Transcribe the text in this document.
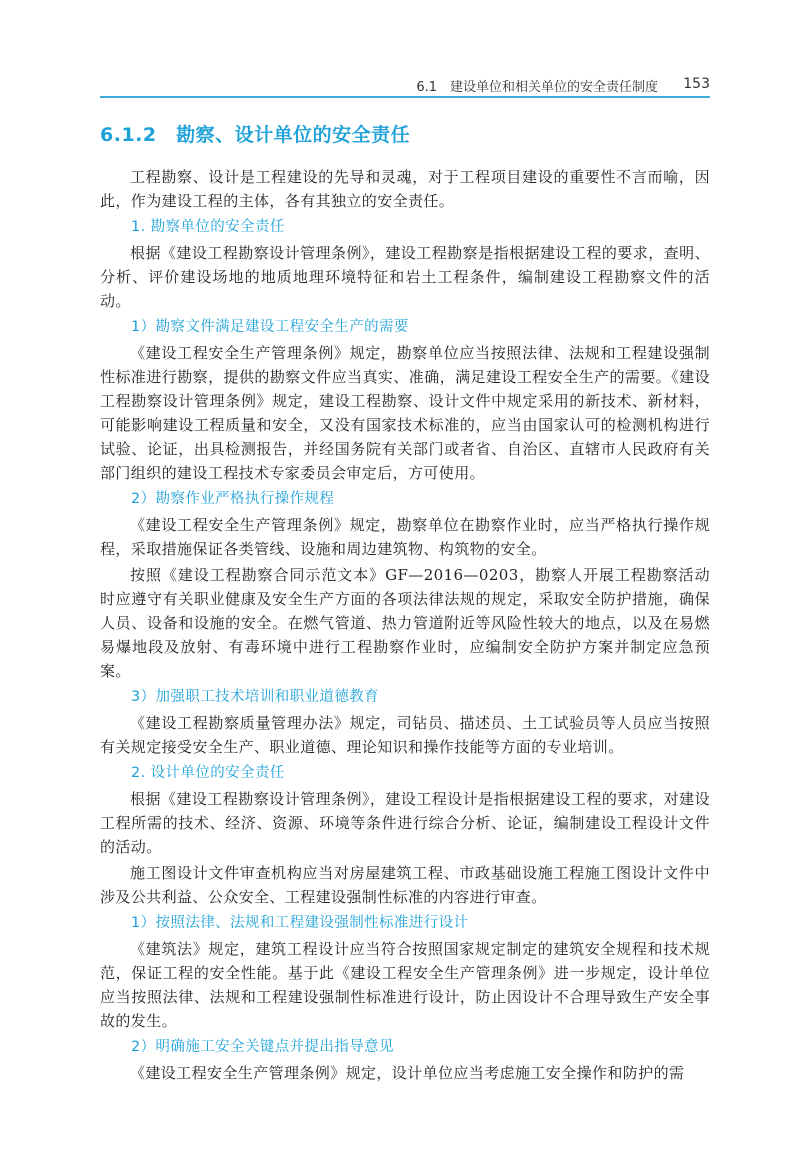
6.1　建设单位和相关单位的安全责任制度 153
6.1.2　勘察、设计单位的安全责任

工程勘察、设计是工程建设的先导和灵魂，对于工程项目建设的重要性不言而喻，因此，作为建设工程的主体，各有其独立的安全责任。

1. 勘察单位的安全责任

根据《建设工程勘察设计管理条例》，建设工程勘察是指根据建设工程的要求，查明、分析、评价建设场地的地质地理环境特征和岩土工程条件，编制建设工程勘察文件的活动。

1）勘察文件满足建设工程安全生产的需要

《建设工程安全生产管理条例》规定，勘察单位应当按照法律、法规和工程建设强制性标准进行勘察，提供的勘察文件应当真实、准确，满足建设工程安全生产的需要。《建设工程勘察设计管理条例》规定，建设工程勘察、设计文件中规定采用的新技术、新材料，可能影响建设工程质量和安全，又没有国家技术标准的，应当由国家认可的检测机构进行试验、论证，出具检测报告，并经国务院有关部门或者省、自治区、直辖市人民政府有关部门组织的建设工程技术专家委员会审定后，方可使用。

2）勘察作业严格执行操作规程

《建设工程安全生产管理条例》规定，勘察单位在勘察作业时，应当严格执行操作规程，采取措施保证各类管线、设施和周边建筑物、构筑物的安全。

按照《建设工程勘察合同示范文本》GF—2016—0203，勘察人开展工程勘察活动时应遵守有关职业健康及安全生产方面的各项法律法规的规定，采取安全防护措施，确保人员、设备和设施的安全。在燃气管道、热力管道附近等风险性较大的地点，以及在易燃易爆地段及放射、有毒环境中进行工程勘察作业时，应编制安全防护方案并制定应急预案。

3）加强职工技术培训和职业道德教育

《建设工程勘察质量管理办法》规定，司钻员、描述员、土工试验员等人员应当按照有关规定接受安全生产、职业道德、理论知识和操作技能等方面的专业培训。

2. 设计单位的安全责任

根据《建设工程勘察设计管理条例》，建设工程设计是指根据建设工程的要求，对建设工程所需的技术、经济、资源、环境等条件进行综合分析、论证，编制建设工程设计文件的活动。

施工图设计文件审查机构应当对房屋建筑工程、市政基础设施工程施工图设计文件中涉及公共利益、公众安全、工程建设强制性标准的内容进行审查。

1）按照法律、法规和工程建设强制性标准进行设计

《建筑法》规定，建筑工程设计应当符合按照国家规定制定的建筑安全规程和技术规范，保证工程的安全性能。基于此《建设工程安全生产管理条例》进一步规定，设计单位应当按照法律、法规和工程建设强制性标准进行设计，防止因设计不合理导致生产安全事故的发生。

2）明确施工安全关键点并提出指导意见

《建设工程安全生产管理条例》规定，设计单位应当考虑施工安全操作和防护的需
